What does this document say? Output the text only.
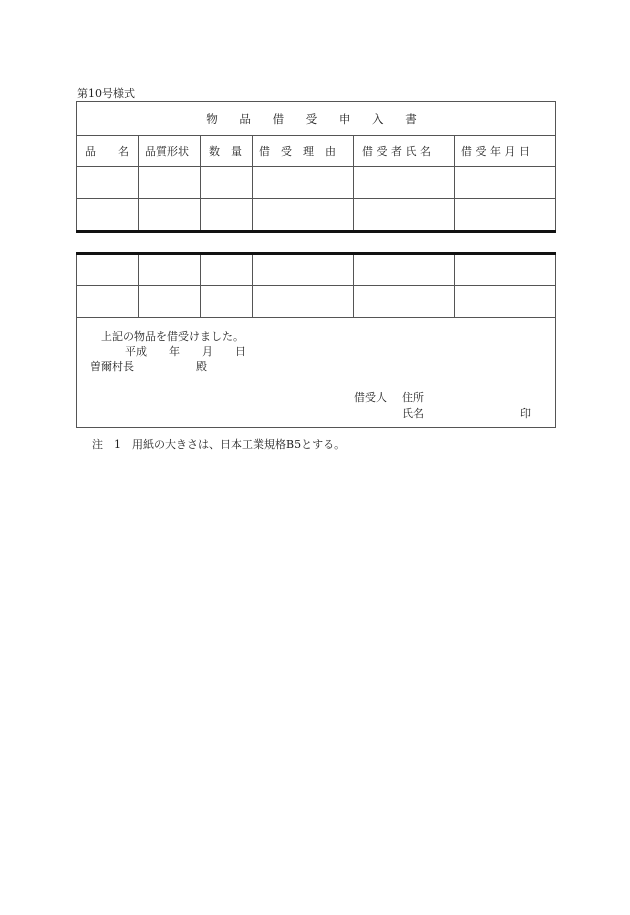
第10号様式
物 品 借 受 申 入 書
品　　名	品質形状	数　量	借　受　理　由	借 受 者 氏 名	借 受 年 月 日
上記の物品を借受けました。
平成　　年　　月　　日
曽爾村長	殿
借受人 住所
氏名	印
注　1　用紙の大きさは、日本工業規格B5とする。
